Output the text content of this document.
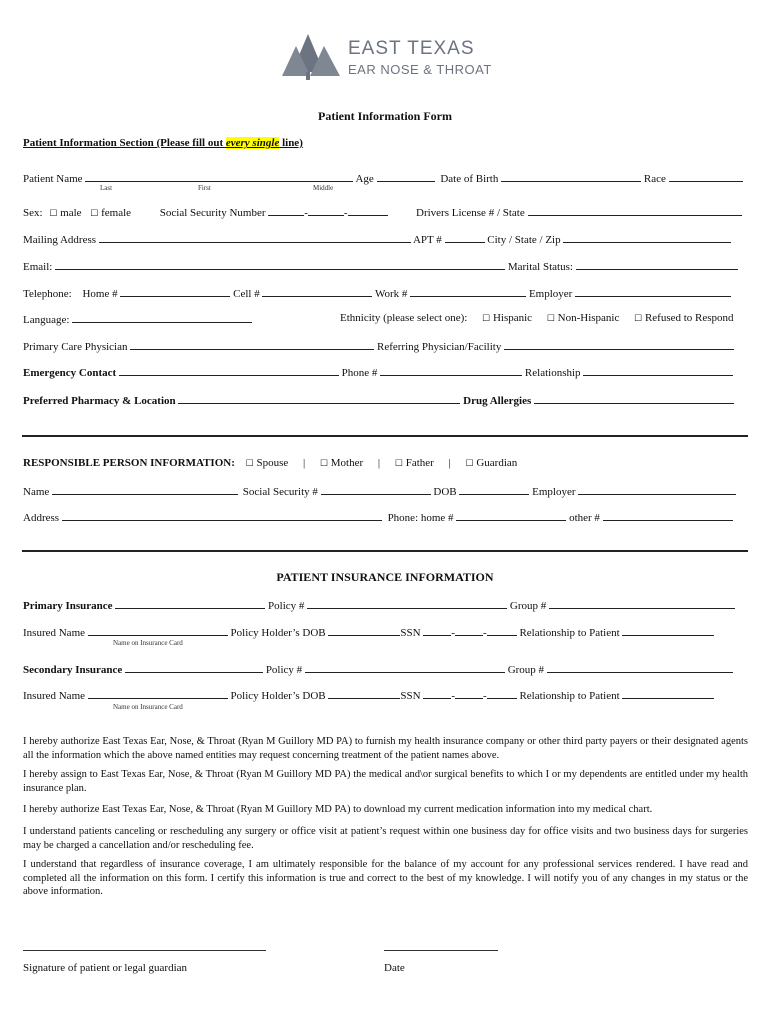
EAST TEXAS
EAR NOSE & THROAT
Patient Information Form
Patient Information Section (Please fill out every single line)
Patient Name	Age	Date of Birth	Race
Last	First	Middle
Sex: ☐ male ☐ female	Social Security Number	-	-	Drivers License # / State
Mailing Address	APT #	City / State / Zip
Email:	Marital Status:
Telephone: Home #	Cell #	Work #	Employer
Language:	Ethnicity (please select one): ☐ Hispanic ☐ Non-Hispanic ☐ Refused to Respond
Primary Care Physician	Referring Physician/Facility
Emergency Contact	Phone #	Relationship
Preferred Pharmacy & Location	Drug Allergies
RESPONSIBLE PERSON INFORMATION: ☐ Spouse | ☐ Mother | ☐ Father | ☐ Guardian
Name	Social Security #	DOB	Employer
Address	Phone: home #	other #
PATIENT INSURANCE INFORMATION
Primary Insurance	Policy #	Group #
Insured Name	Policy Holder’s DOB	SSN	-	-	Relationship to Patient
Name on Insurance Card
Secondary Insurance	Policy #	Group #
Insured Name	Policy Holder’s DOB	SSN	-	-	Relationship to Patient
Name on Insurance Card
I hereby authorize East Texas Ear, Nose, & Throat (Ryan M Guillory MD PA) to furnish my health insurance company or other third party payers or their designated agents all the information which the above named entities may request concerning treatment of the patient names above.
I hereby assign to East Texas Ear, Nose, & Throat (Ryan M Guillory MD PA) the medical and\or surgical benefits to which I or my dependents are entitled under my health insurance plan.
I hereby authorize East Texas Ear, Nose, & Throat (Ryan M Guillory MD PA) to download my current medication information into my medical chart.
I understand patients canceling or rescheduling any surgery or office visit at patient’s request within one business day for office visits and two business days for surgeries may be charged a cancellation and/or rescheduling fee.
I understand that regardless of insurance coverage, I am ultimately responsible for the balance of my account for any professional services rendered. I have read and completed all the information on this form. I certify this information is true and correct to the best of my knowledge. I will notify you of any changes in my status or the above information.
Signature of patient or legal guardian	Date
